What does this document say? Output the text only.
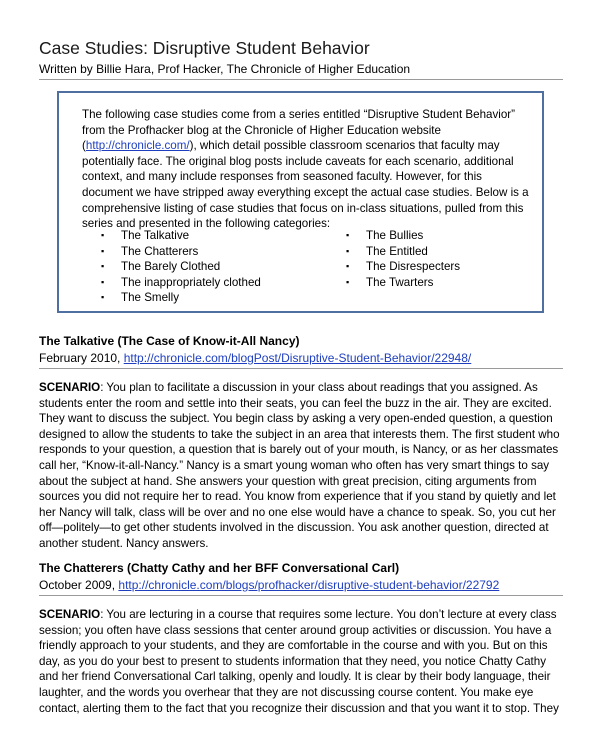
Case Studies: Disruptive Student Behavior
Written by Billie Hara, Prof Hacker, The Chronicle of Higher Education
The following case studies come from a series entitled “Disruptive Student Behavior” from the Profhacker blog at the Chronicle of Higher Education website (http://chronicle.com/), which detail possible classroom scenarios that faculty may potentially face. The original blog posts include caveats for each scenario, additional context, and many include responses from seasoned faculty. However, for this document we have stripped away everything except the actual case studies. Below is a comprehensive listing of case studies that focus on in-class situations, pulled from this series and presented in the following categories:
▪ The Talkative
▪ The Chatterers
▪ The Barely Clothed
▪ The inappropriately clothed
▪ The Smelly
▪ The Bullies
▪ The Entitled
▪ The Disrespecters
▪ The Twarters
The Talkative (The Case of Know-it-All Nancy)
February 2010, http://chronicle.com/blogPost/Disruptive-Student-Behavior/22948/
SCENARIO: You plan to facilitate a discussion in your class about readings that you assigned. As students enter the room and settle into their seats, you can feel the buzz in the air. They are excited. They want to discuss the subject. You begin class by asking a very open-ended question, a question designed to allow the students to take the subject in an area that interests them. The first student who responds to your question, a question that is barely out of your mouth, is Nancy, or as her classmates call her, “Know-it-all-Nancy.” Nancy is a smart young woman who often has very smart things to say about the subject at hand. She answers your question with great precision, citing arguments from sources you did not require her to read. You know from experience that if you stand by quietly and let her Nancy will talk, class will be over and no one else would have a chance to speak. So, you cut her off—politely—to get other students involved in the discussion. You ask another question, directed at another student. Nancy answers.
The Chatterers (Chatty Cathy and her BFF Conversational Carl)
October 2009, http://chronicle.com/blogs/profhacker/disruptive-student-behavior/22792
SCENARIO: You are lecturing in a course that requires some lecture. You don’t lecture at every class session; you often have class sessions that center around group activities or discussion. You have a friendly approach to your students, and they are comfortable in the course and with you. But on this day, as you do your best to present to students information that they need, you notice Chatty Cathy and her friend Conversational Carl talking, openly and loudly. It is clear by their body language, their laughter, and the words you overhear that they are not discussing course content. You make eye contact, alerting them to the fact that you recognize their discussion and that you want it to stop. They
